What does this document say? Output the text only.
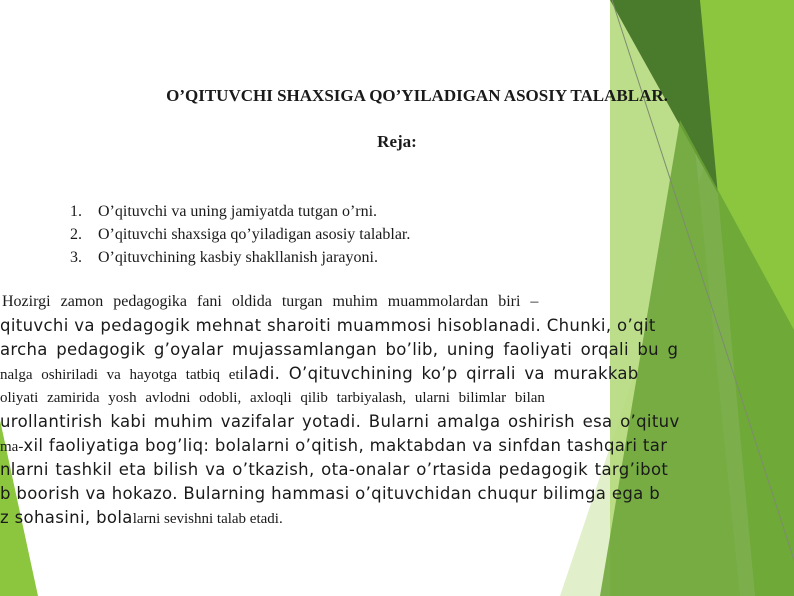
O’QITUVCHI SHAXSIGA QO’YILADIGAN ASOSIY TALABLAR.
Reja:
1. O’qituvchi va uning jamiyatda tutgan o’rni.
2. O’qituvchi shaxsiga qo’yiladigan asosiy talablar.
3. O’qituvchining kasbiy shakllanish jarayoni.
Hozirgi zamon pedagogika fani oldida turgan muhim muammolardan biri –
qituvchi va pedagogik mehnat sharoiti muammosi hisoblanadi. Chunki, o’qit
archa pedagogik g’oyalar mujassamlangan bo’lib, uning faoliyati orqali bu g
nalga oshiriladi va hayotga tatbiq etiladi. O’qituvchining ko’p qirrali va murakkab
oliyati zamirida yosh avlodni odobli, axloqli qilib tarbiyalash, ularni bilimlar bilan
urollantirish kabi muhim vazifalar yotadi. Bularni amalga oshirish esa o’qituv
ma-xil faoliyatiga bog’liq: bolalarni o’qitish, maktabdan va sinfdan tashqari tar
nlarni tashkil eta bilish va o’tkazish, ota-onalar o’rtasida pedagogik targ’ibot
b boorish va hokazo. Bularning hammasi o’qituvchidan chuqur bilimga ega b
z sohasini, bolalarni sevishni talab etadi.
